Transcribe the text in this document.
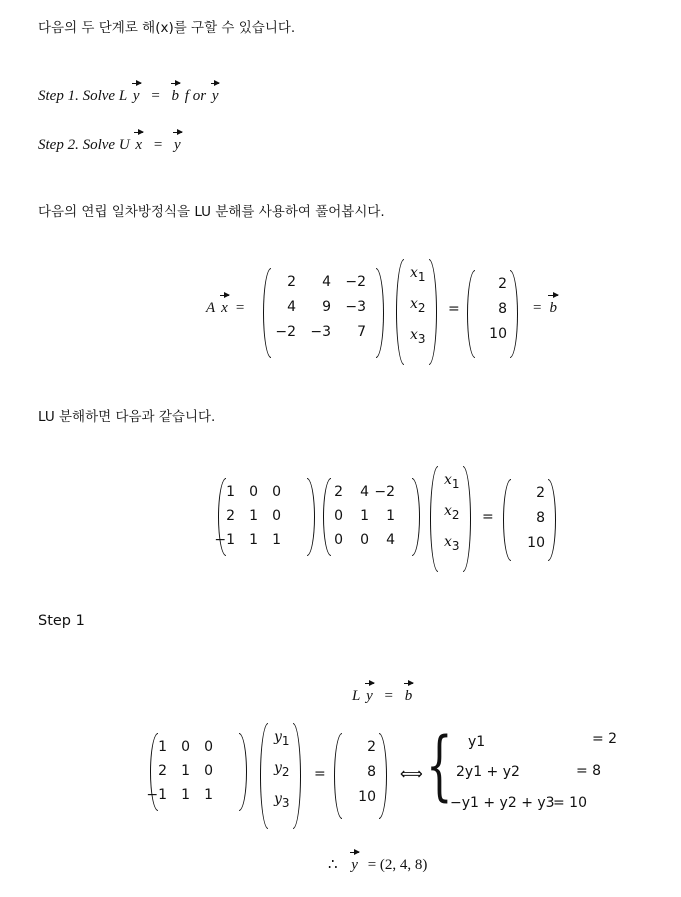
다음의 두 단계로 해(x)를 구할 수 있습니다.
Step 1. Solve L y = b f or y
Step 2. Solve U x = y
다음의 연립 일차방정식을 LU 분해를 사용하여 풀어봅시다.
A x =
2	4	−2
4	9	−3
−2	−3	7
$x_1$
$x_2$
$x_3$
=
2
8
10
= b
LU 분해하면 다음과 같습니다.
1	0	0
2	1	0
−1	1	1
2	4 −2
0	1	1
0	0	4
$x_1$
$x_2$
$x_3$
=
2
8
10
Step 1
L y = b
1	0	0
2	1	0
−1	1	1
$y_1$
$y_2$
$y_3$
=
2
8
10
⟺ { y1	= 2
2y1 + y2	= 8
−y1 + y2 + y3
= 10
∴ y = (2, 4, 8)
